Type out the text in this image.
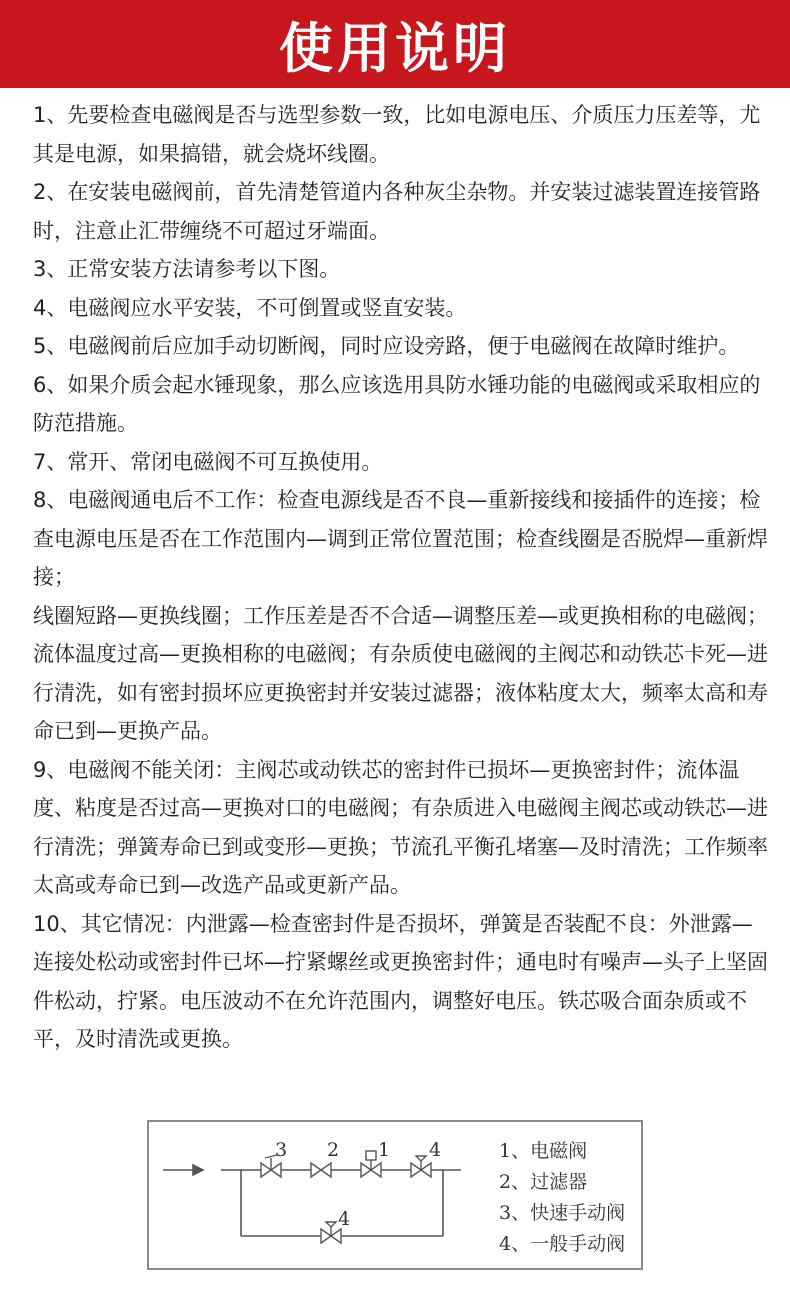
使用说明

1、先要检查电磁阀是否与选型参数一致，比如电源电压、介质压力压差等，尤其是电源，如果搞错，就会烧坏线圈。

2、在安装电磁阀前，首先清楚管道内各种灰尘杂物。并安装过滤装置连接管路时，注意止汇带缠绕不可超过牙端面。

3、正常安装方法请参考以下图。

4、电磁阀应水平安装，不可倒置或竖直安装。

5、电磁阀前后应加手动切断阀，同时应设旁路，便于电磁阀在故障时维护。

6、如果介质会起水锤现象，那么应该选用具防水锤功能的电磁阀或采取相应的防范措施。

7、常开、常闭电磁阀不可互换使用。

8、电磁阀通电后不工作：检查电源线是否不良—重新接线和接插件的连接；检查电源电压是否在工作范围内—调到正常位置范围；检查线圈是否脱焊—重新焊接；

线圈短路—更换线圈；工作压差是否不合适—调整压差—或更换相称的电磁阀；流体温度过高—更换相称的电磁阀；有杂质使电磁阀的主阀芯和动铁芯卡死—进行清洗，如有密封损坏应更换密封并安装过滤器；液体粘度太大，频率太高和寿命已到—更换产品。

9、电磁阀不能关闭：主阀芯或动铁芯的密封件已损坏—更换密封件；流体温度、粘度是否过高—更换对口的电磁阀；有杂质进入电磁阀主阀芯或动铁芯—进行清洗；弹簧寿命已到或变形—更换；节流孔平衡孔堵塞—及时清洗；工作频率太高或寿命已到—改选产品或更新产品。

10、其它情况：内泄露—检查密封件是否损坏，弹簧是否装配不良：外泄露—连接处松动或密封件已坏—拧紧螺丝或更换密封件；通电时有噪声—头子上坚固件松动，拧紧。电压波动不在允许范围内，调整好电压。铁芯吸合面杂质或不平，及时清洗或更换。

3 2 1 4
4
1、电磁阀
2、过滤器
3、快速手动阀
4、一般手动阀
